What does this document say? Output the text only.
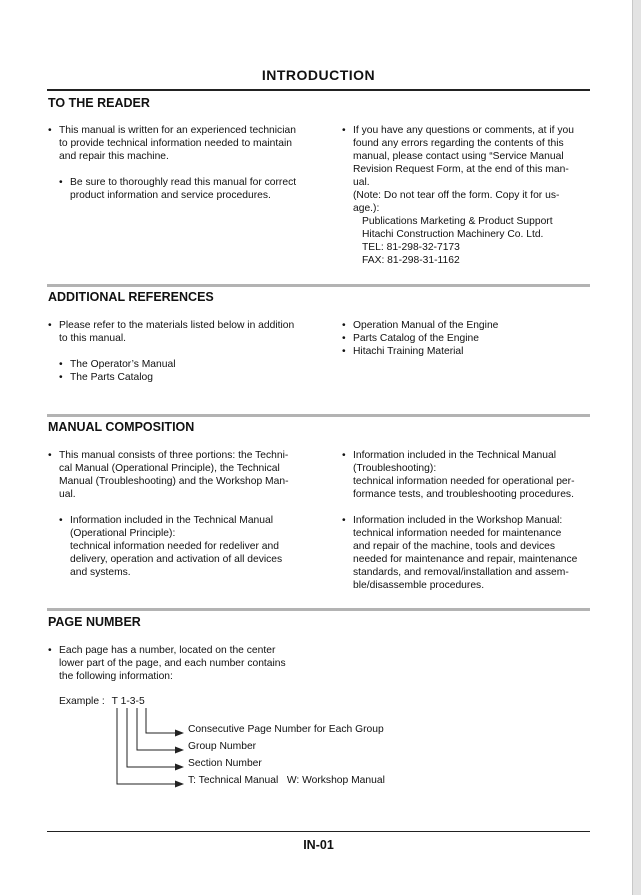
INTRODUCTION
TO THE READER
• This manual is written for an experienced technician
to provide technical information needed to maintain
and repair this machine.
• Be sure to thoroughly read this manual for correct
product information and service procedures.
• If you have any questions or comments, at if you
found any errors regarding the contents of this
manual, please contact using “Service Manual
Revision Request Form, at the end of this man-
ual.
(Note: Do not tear off the form. Copy it for us-
age.):
Publications Marketing & Product Support
Hitachi Construction Machinery Co. Ltd.
TEL: 81-298-32-7173
FAX: 81-298-31-1162
ADDITIONAL REFERENCES
• Please refer to the materials listed below in addition
to this manual.
• The Operator’s Manual
• The Parts Catalog
• Operation Manual of the Engine
• Parts Catalog of the Engine
• Hitachi Training Material
MANUAL COMPOSITION
• This manual consists of three portions: the Techni-
cal Manual (Operational Principle), the Technical
Manual (Troubleshooting) and the Workshop Man-
ual.
• Information included in the Technical Manual
(Operational Principle):
technical information needed for redeliver and
delivery, operation and activation of all devices
and systems.
• Information included in the Technical Manual
(Troubleshooting):
technical information needed for operational per-
formance tests, and troubleshooting procedures.
• Information included in the Workshop Manual:
technical information needed for maintenance
and repair of the machine, tools and devices
needed for maintenance and repair, maintenance
standards, and removal/installation and assem-
ble/disassemble procedures.
PAGE NUMBER
• Each page has a number, located on the center
lower part of the page, and each number contains
the following information:
Example : T 1-3-5
Consecutive Page Number for Each Group
Group Number
Section Number
T: Technical Manual   W: Workshop Manual
IN-01
